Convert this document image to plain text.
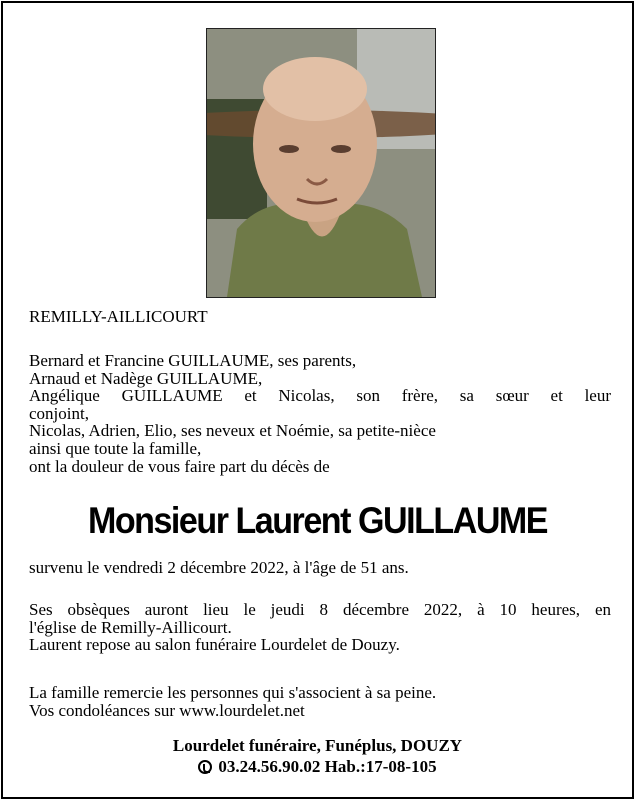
REMILLY-AILLICOURT
Bernard et Francine GUILLAUME, ses parents,
Arnaud et Nadège GUILLAUME,
Angélique GUILLAUME et Nicolas, son frère, sa sœur et leur
conjoint,
Nicolas, Adrien, Elio, ses neveux et Noémie, sa petite-nièce
ainsi que toute la famille,
ont la douleur de vous faire part du décès de
Monsieur Laurent GUILLAUME
survenu le vendredi 2 décembre 2022, à l'âge de 51 ans.
Ses obsèques auront lieu le jeudi 8 décembre 2022, à 10 heures, en
l'église de Remilly-Aillicourt.
Laurent repose au salon funéraire Lourdelet de Douzy.
La famille remercie les personnes qui s'associent à sa peine.
Vos condoléances sur www.lourdelet.net
Lourdelet funéraire, Funéplus, DOUZY
03.24.56.90.02 Hab.:17-08-105
